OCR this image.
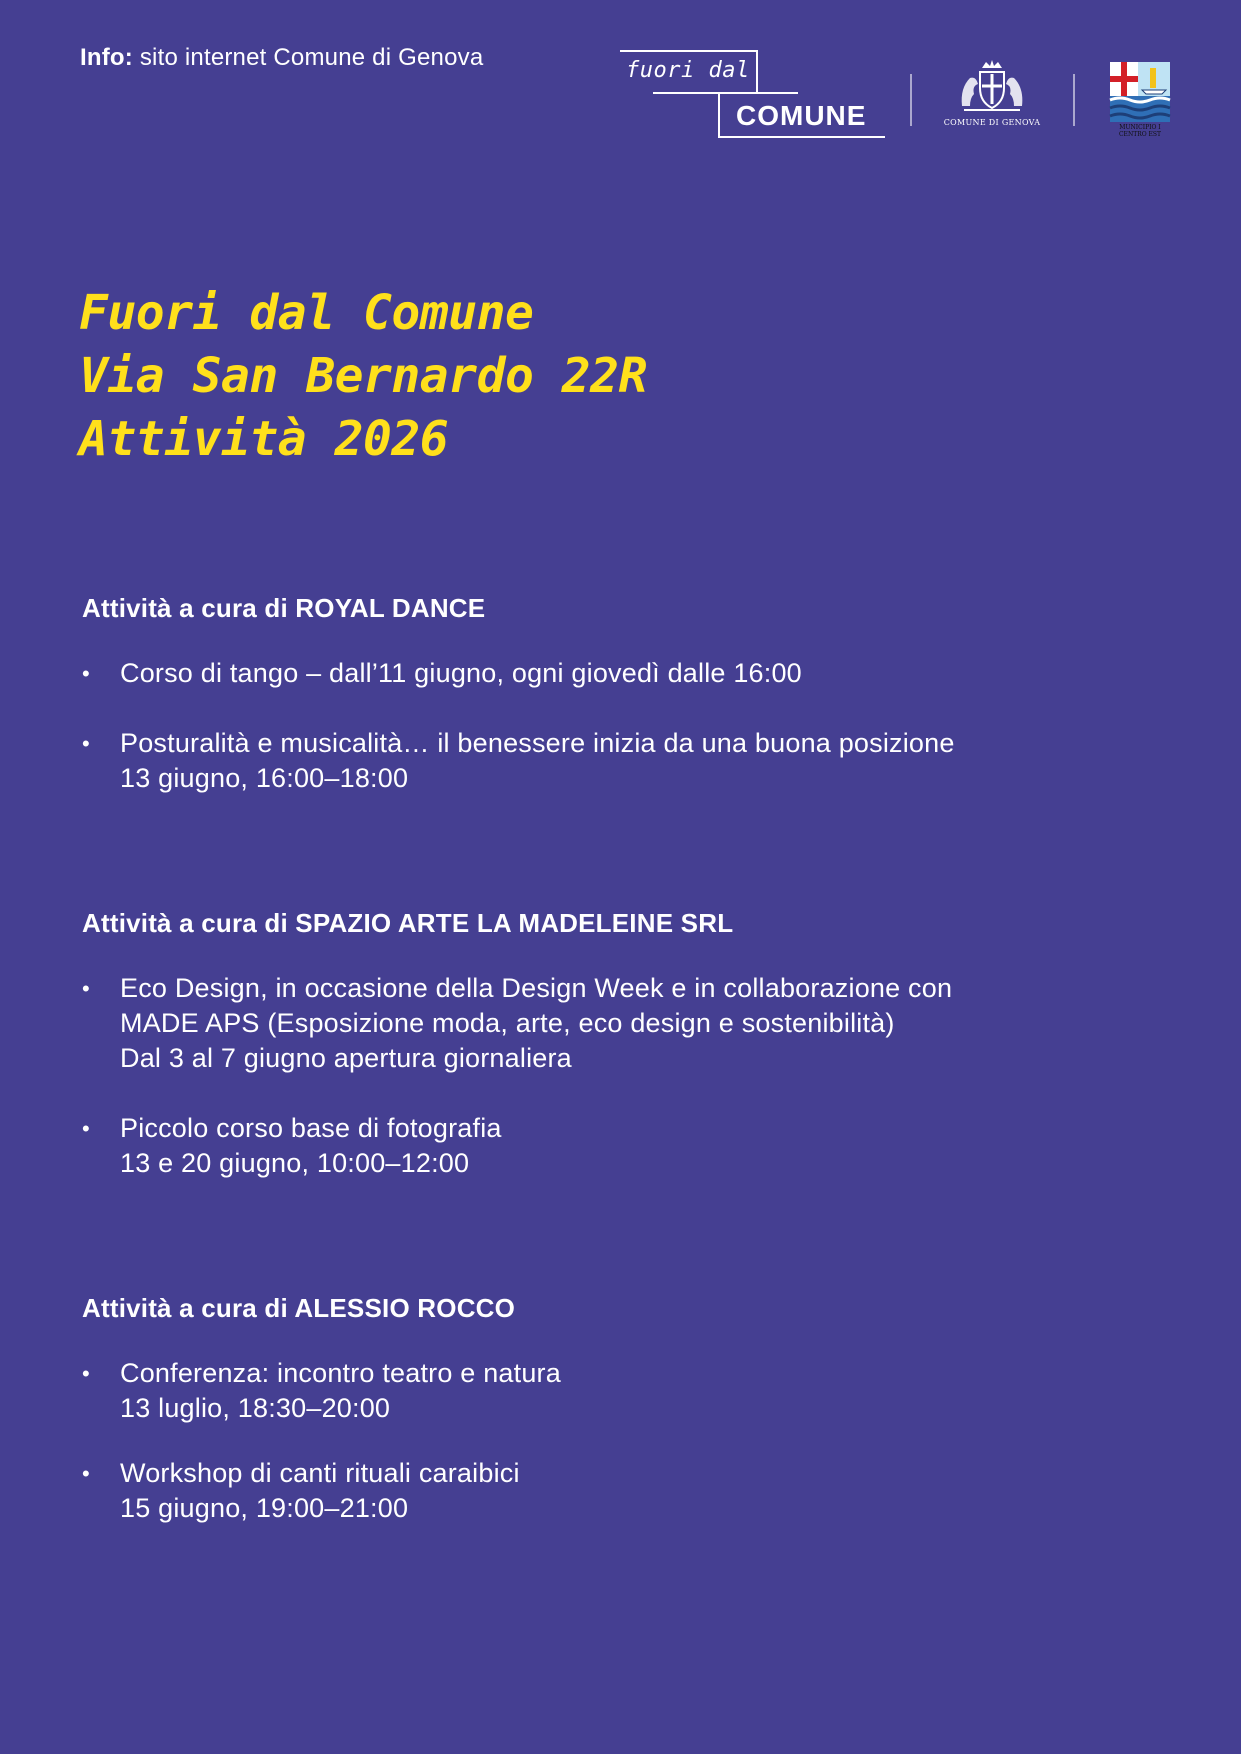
Info: sito internet Comune di Genova	fuori dal
COMUNE	COMUNE DI GENOVA
MUNICIPIO I
CENTRO EST
Fuori dal Comune
Via San Bernardo 22R
Attività 2026
Attività a cura di ROYAL DANCE
• Corso di tango – dall’11 giugno, ogni giovedì dalle 16:00
• Posturalità e musicalità… il benessere inizia da una buona posizione
13 giugno, 16:00–18:00
Attività a cura di SPAZIO ARTE LA MADELEINE SRL
• Eco Design, in occasione della Design Week e in collaborazione con
MADE APS (Esposizione moda, arte, eco design e sostenibilità)
Dal 3 al 7 giugno apertura giornaliera
• Piccolo corso base di fotografia
13 e 20 giugno, 10:00–12:00
Attività a cura di ALESSIO ROCCO
• Conferenza: incontro teatro e natura
13 luglio, 18:30–20:00
• Workshop di canti rituali caraibici
15 giugno, 19:00–21:00
